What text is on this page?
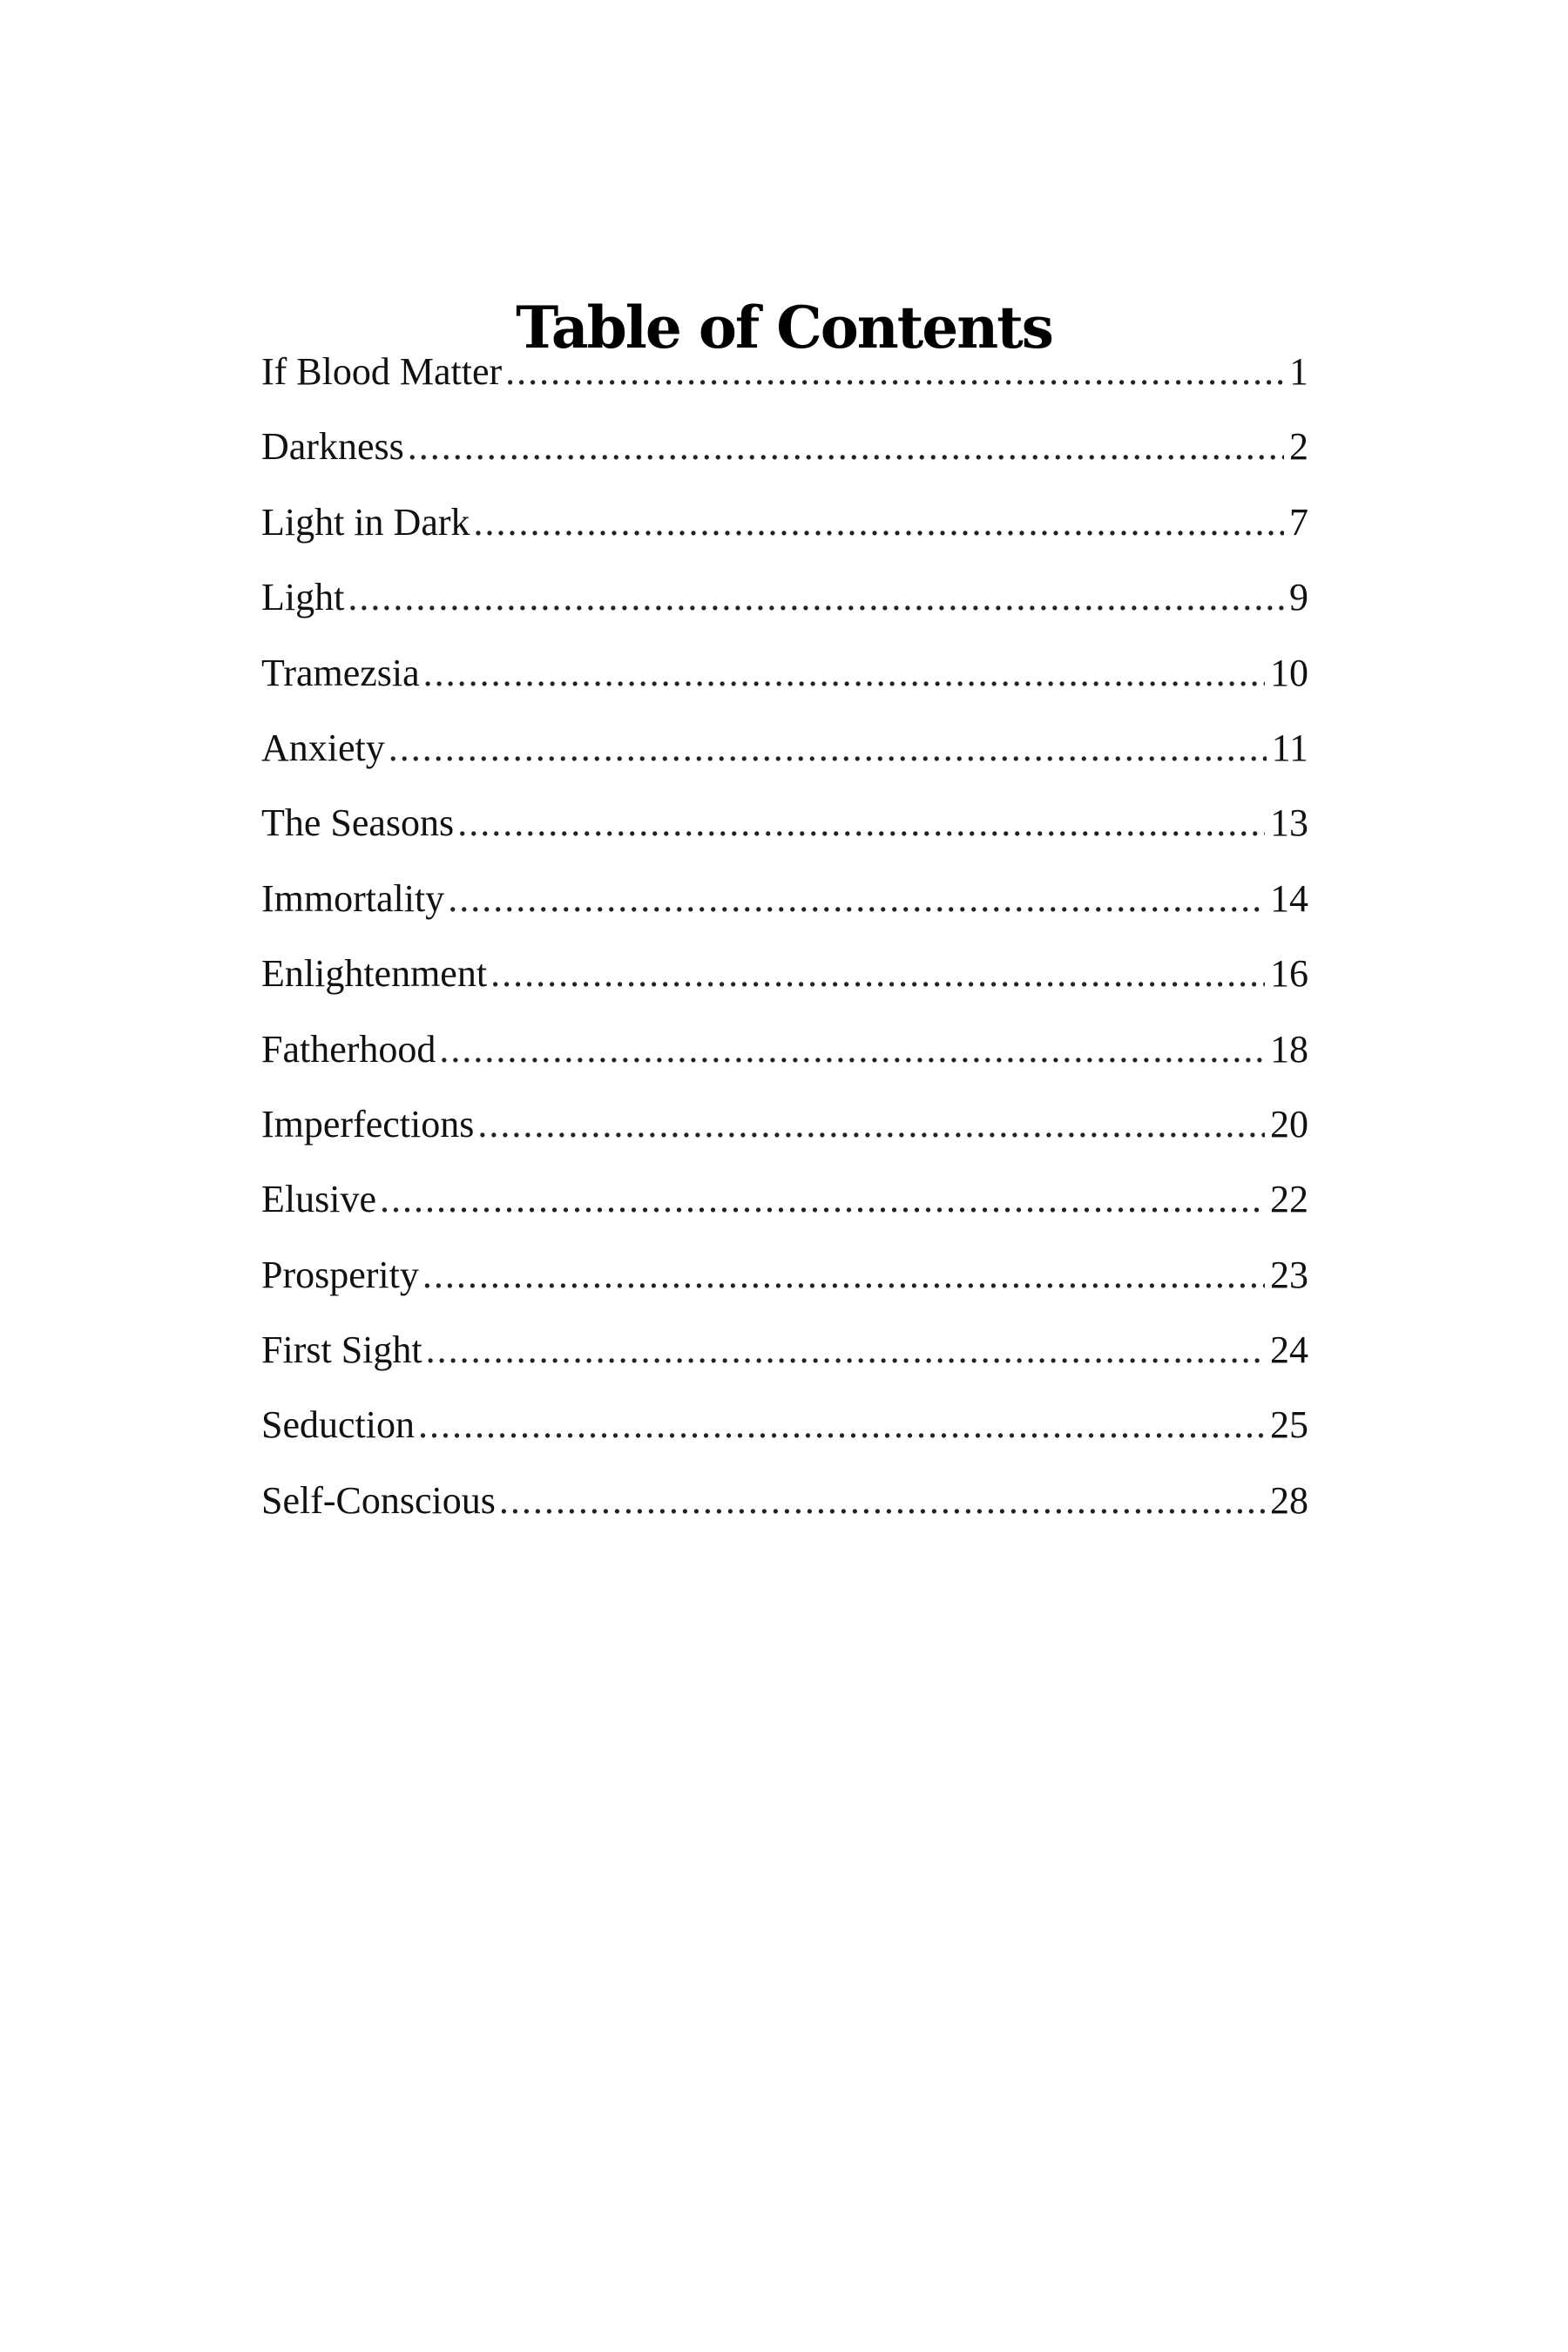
Table of Contents
If Blood Matter .....	1
Darkness .....	2
Light in Dark .....	7
Light .....	9
Tramezsia .....	10
Anxiety .....	11
The Seasons .....	13
Immortality .....	14
Enlightenment .....	16
Fatherhood .....	18
Imperfections .....	20
Elusive .....	22
Prosperity .....	23
First Sight .....	24
Seduction .....	25
Self-Conscious .....	28
